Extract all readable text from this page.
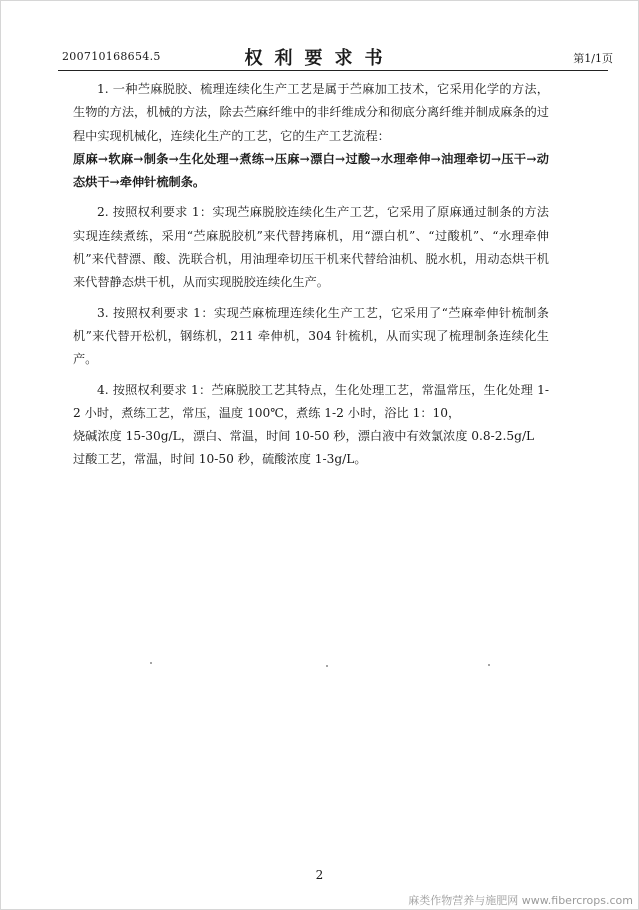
200710168654.5	权利要求书	第1/1页

1. 一种苎麻脱胶、梳理连续化生产工艺是属于苎麻加工技术，它采用化学的方法，生物的方法，机械的方法，除去苎麻纤维中的非纤维成分和彻底分离纤维并制成麻条的过程中实现机械化，连续化生产的工艺，它的生产工艺流程：
原麻→软麻→制条→生化处理→煮练→压麻→漂白→过酸→水理牵伸→油理牵切→压干→动态烘干→牵伸针梳制条。

2. 按照权利要求 1：实现苎麻脱胶连续化生产工艺，它采用了原麻通过制条的方法实现连续煮练，采用“苎麻脱胶机”来代替拷麻机，用“漂白机”、“过酸机”、“水理牵伸机”来代替漂、酸、洗联合机，用油理牵切压干机来代替给油机、脱水机，用动态烘干机来代替静态烘干机，从而实现脱胶连续化生产。

3. 按照权利要求 1：实现苎麻梳理连续化生产工艺，它采用了“苎麻牵伸针梳制条机”来代替开松机，钢练机，211 牵伸机，304 针梳机，从而实现了梳理制条连续化生产。

4. 按照权利要求 1：苎麻脱胶工艺其特点，生化处理工艺，常温常压，生化处理 1-2 小时，煮练工艺，常压，温度 100℃，煮练 1-2 小时，浴比 1：10，

烧碱浓度 15-30g/L，漂白、常温，时间 10-50 秒，漂白液中有效氯浓度 0.8-2.5g/L

过酸工艺，常温，时间 10-50 秒，硫酸浓度 1-3g/L。

2
麻类作物营养与施肥网 www.fibercrops.com
